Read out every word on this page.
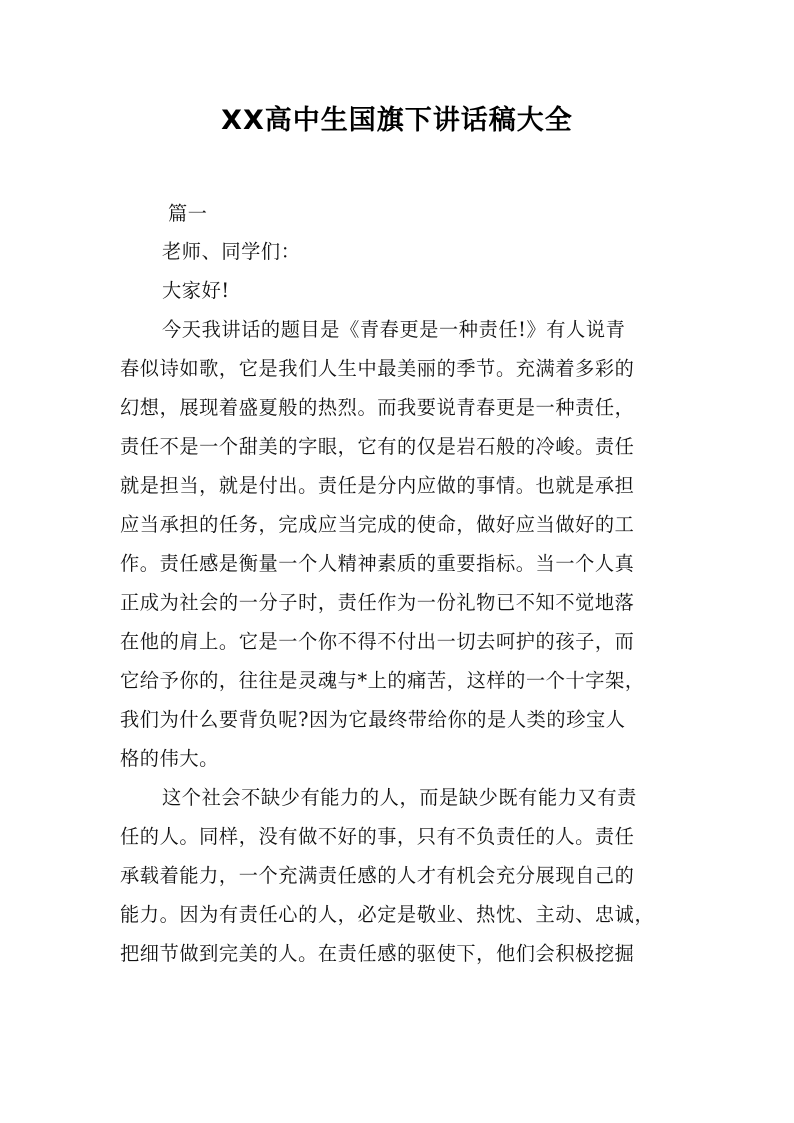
XX高中生国旗下讲话稿大全
篇一
老师、同学们：
大家好!
今天我讲话的题目是《青春更是一种责任!》有人说青
春似诗如歌，它是我们人生中最美丽的季节。充满着多彩的
幻想，展现着盛夏般的热烈。而我要说青春更是一种责任，
责任不是一个甜美的字眼，它有的仅是岩石般的冷峻。责任
就是担当，就是付出。责任是分内应做的事情。也就是承担
应当承担的任务，完成应当完成的使命，做好应当做好的工
作。责任感是衡量一个人精神素质的重要指标。当一个人真
正成为社会的一分子时，责任作为一份礼物已不知不觉地落
在他的肩上。它是一个你不得不付出一切去呵护的孩子，而
它给予你的，往往是灵魂与*上的痛苦，这样的一个十字架，
我们为什么要背负呢?因为它最终带给你的是人类的珍宝人
格的伟大。
这个社会不缺少有能力的人，而是缺少既有能力又有责
任的人。同样，没有做不好的事，只有不负责任的人。责任
承载着能力，一个充满责任感的人才有机会充分展现自己的
能力。因为有责任心的人，必定是敬业、热忱、主动、忠诚，
把细节做到完美的人。在责任感的驱使下，他们会积极挖掘
